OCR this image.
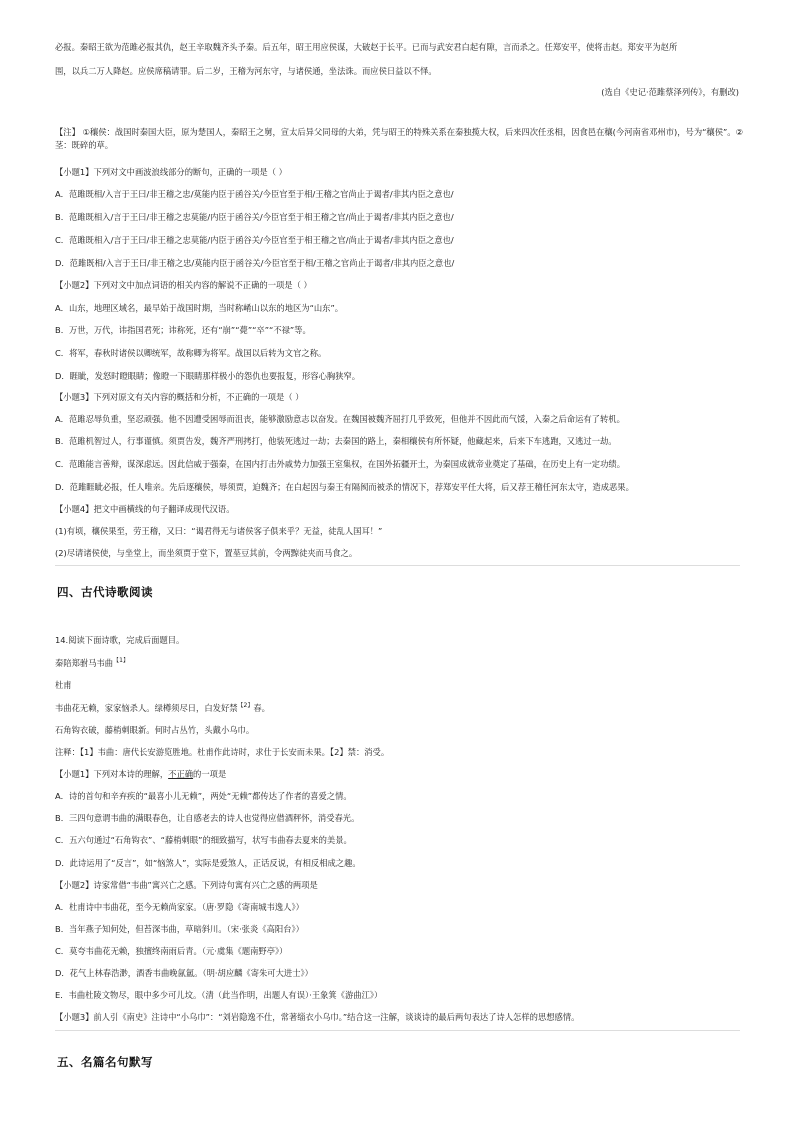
必报。秦昭王欲为范雎必报其仇，赵王辛取魏齐头予秦。后五年，昭王用应侯谋，大破赵于长平。已而与武安君白起有隙，言而杀之。任郑安平，使将击赵。郑安平为赵所
围，以兵二万人降赵。应侯席稿请罪。后二岁，王稽为河东守，与诸侯通，坐法诛。而应侯日益以不怿。
(选自《史记·范雎蔡泽列传》，有删改)
【注】 ①穰侯：战国时秦国大臣，原为楚国人，秦昭王之舅，宣太后异父同母的大弟，凭与昭王的特殊关系在秦独揽大权，后来四次任丞相，因食邑在穰(今河南省邓州市)，号为“穰侯”。②茎：既碎的草。
【小题1】下列对文中画波浪线部分的断句，正确的一项是（ ）
A．范雎既相/入言于王曰/非王稽之忠/莫能内臣于函谷关/今臣官至于相/王稽之官尚止于谒者/非其内臣之意也/
B．范雎既相入/言于王曰/非王稽之忠莫能/内臣于函谷关/今臣官至于相王稽之官/尚止于谒者/非其内臣之意也/
C．范雎既相入/言于王曰/非王稽之忠莫能/内臣于函谷关/今臣官至于相王稽之官/尚止于谒者/非其内臣之意也/
D．范雎既相/入言于王曰/非王稽之忠/莫能内臣于函谷关/今臣官至于相/王稽之官尚止于谒者/非其内臣之意也/
【小题2】下列对文中加点词语的相关内容的解说不正确的一项是（ ）
A．山东，地理区域名，最早始于战国时期，当时称崤山以东的地区为“山东”。
B．万世，万代，讳指国君死；讳称死，还有“崩”“薨”“卒”“不禄”等。
C．将军，春秋时诸侯以卿统军，故称卿为将军。战国以后转为文官之称。
D．睚眦，发怒时瞪眼睛；像瞪一下眼睛那样极小的怨仇也要报复，形容心胸狭窄。
【小题3】下列对原文有关内容的概括和分析，不正确的一项是（ ）
A．范雎忍辱负重，坚忍顽强。他不因遭受困辱而沮丧，能够激励意志以奋发。在魏国被魏齐屈打几乎致死，但他并不因此而气馁，入秦之后命运有了转机。
B．范雎机智过人，行事谨慎。须贾告发，魏齐严刑拷打，他装死逃过一劫；去秦国的路上，秦相穰侯有所怀疑，他藏起来，后来下车逃跑，又逃过一劫。
C．范雎能言善辩，谋深虑远。因此信威于强秦，在国内打击外戚势力加强王室集权，在国外拓疆开土，为秦国成就帝业奠定了基础，在历史上有一定功绩。
D．范雎睚眦必报，任人唯亲。先后逐穰侯，辱须贾，迫魏齐；在白起因与秦王有隔阂而被杀的情况下，荐郑安平任大将，后又荐王稽任河东太守，造成恶果。
【小题4】把文中画横线的句子翻译成现代汉语。
(1)有顷，穰侯果至，劳王稽，又曰：“谒君得无与诸侯客子俱来乎？无益，徒乱人国耳！”
(2)尽请诸侯使，与坐堂上，而坐须贾于堂下，置莝豆其前，令两黥徒夹而马食之。
四、古代诗歌阅读
14.阅读下面诗歌，完成后面题目。
秦陪郑驸马韦曲$^{【1】}$
杜甫
韦曲花无赖，家家恼杀人。绿樽须尽日，白发好禁$^{【2】}$春。
石角钩衣破，藤梢刺眼新。何时占丛竹，头戴小乌巾。
注释：【1】韦曲：唐代长安游览胜地。杜甫作此诗时，求仕于长安而未果。【2】禁：消受。
【小题1】下列对本诗的理解，不正确的一项是
A．诗的首句和辛弃疾的“最喜小儿无赖”，两处“无赖”都传达了作者的喜爱之情。
B．三四句意谓韦曲的满眼春色，让自感老去的诗人也觉得应借酒秤怀，消受春光。
C．五六句通过“石角钩衣”、“藤梢刺眼”的细致描写，状写韦曲春去夏来的美景。
D．此诗运用了“反言”，如“恼煞人”，实际是爱煞人，正话反说，有相反相成之趣。
【小题2】诗家常借“韦曲”寓兴亡之感。下列诗句寓有兴亡之感的两项是
A．杜甫诗中韦曲花，至今无赖尚家家。（唐·罗隐《寄南城韦逸人》）
B．当年燕子知何处，但苔深韦曲，草暗斜川。（宋·张炎《高阳台》）
C．莫夸韦曲花无赖，独擅终南雨后青。（元·虞集《题南野亭》）
D．花气上林春浩渺，酒香韦曲晚氤氲。（明·胡应麟《寄朱可大进士》）
E．韦曲杜陵文物尽，眼中多少可儿坟。（清（此当作明，出题人有误）·王象箕《游曲江》）
【小题3】前人引《南史》注诗中“小乌巾”：“刘岩隐逸不仕，常著缁衣小乌巾。”结合这一注解，谈谈诗的最后两句表达了诗人怎样的思想感情。
五、名篇名句默写
